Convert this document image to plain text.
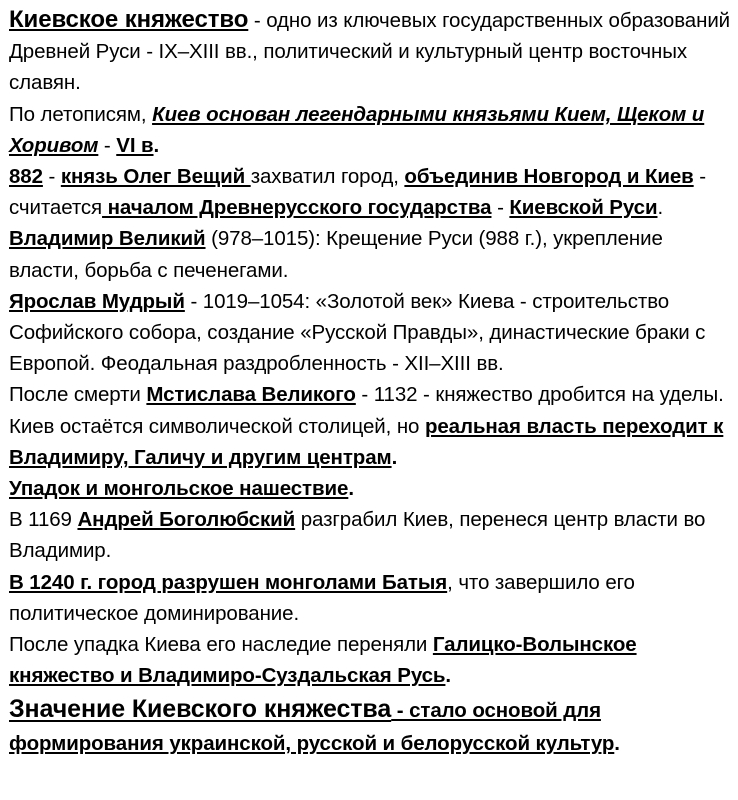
Киевское княжество - одно из ключевых государственных образований Древней Руси - IX–XIII вв., политический и культурный центр восточных славян.

По летописям, Киев основан легендарными князьями Кием, Щеком и Хоривом - VI в.

882 - князь Олег Вещий захватил город, объединив Новгород и Киев - считается началом Древнерусского государства - Киевской Руси.

Владимир Великий (978–1015): Крещение Руси (988 г.), укрепление власти, борьба с печенегами.

Ярослав Мудрый - 1019–1054: «Золотой век» Киева - строительство Софийского собора, создание «Русской Правды», династические браки с Европой. Феодальная раздробленность - XII–XIII вв.

После смерти Мстислава Великого - 1132 - княжество дробится на уделы. Киев остаётся символической столицей, но реальная власть переходит к Владимиру, Галичу и другим центрам.

Упадок и монгольское нашествие.

В 1169 Андрей Боголюбский разграбил Киев, перенеся центр власти во Владимир.

В 1240 г. город разрушен монголами Батыя, что завершило его политическое доминирование.

После упадка Киева его наследие переняли Галицко-Волынское княжество и Владимиро-Суздальская Русь.

Значение Киевского княжества - стало основой для формирования украинской, русской и белорусской культур.
